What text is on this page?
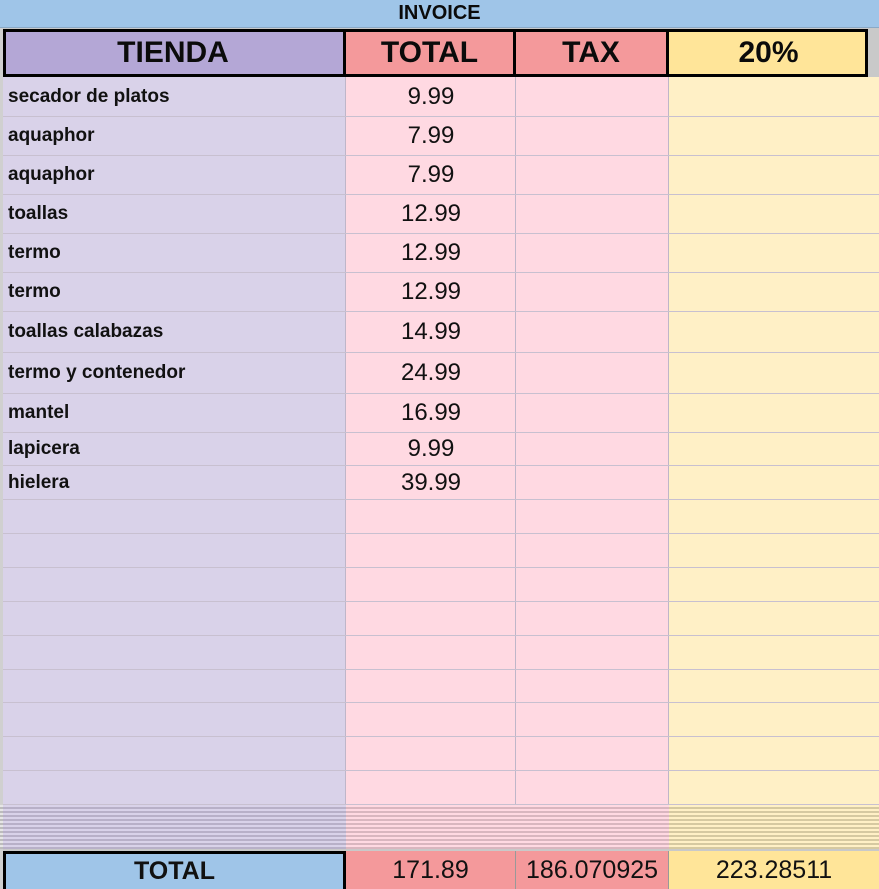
INVOICE
TIENDA	TOTAL	TAX	20%
secador de platos	9.99
aquaphor	7.99
aquaphor	7.99
toallas	12.99
termo	12.99
termo	12.99
toallas calabazas	14.99
termo y contenedor	24.99
mantel	16.99
lapicera	9.99
hielera	39.99
TOTAL	171.89	186.070925	223.28511
